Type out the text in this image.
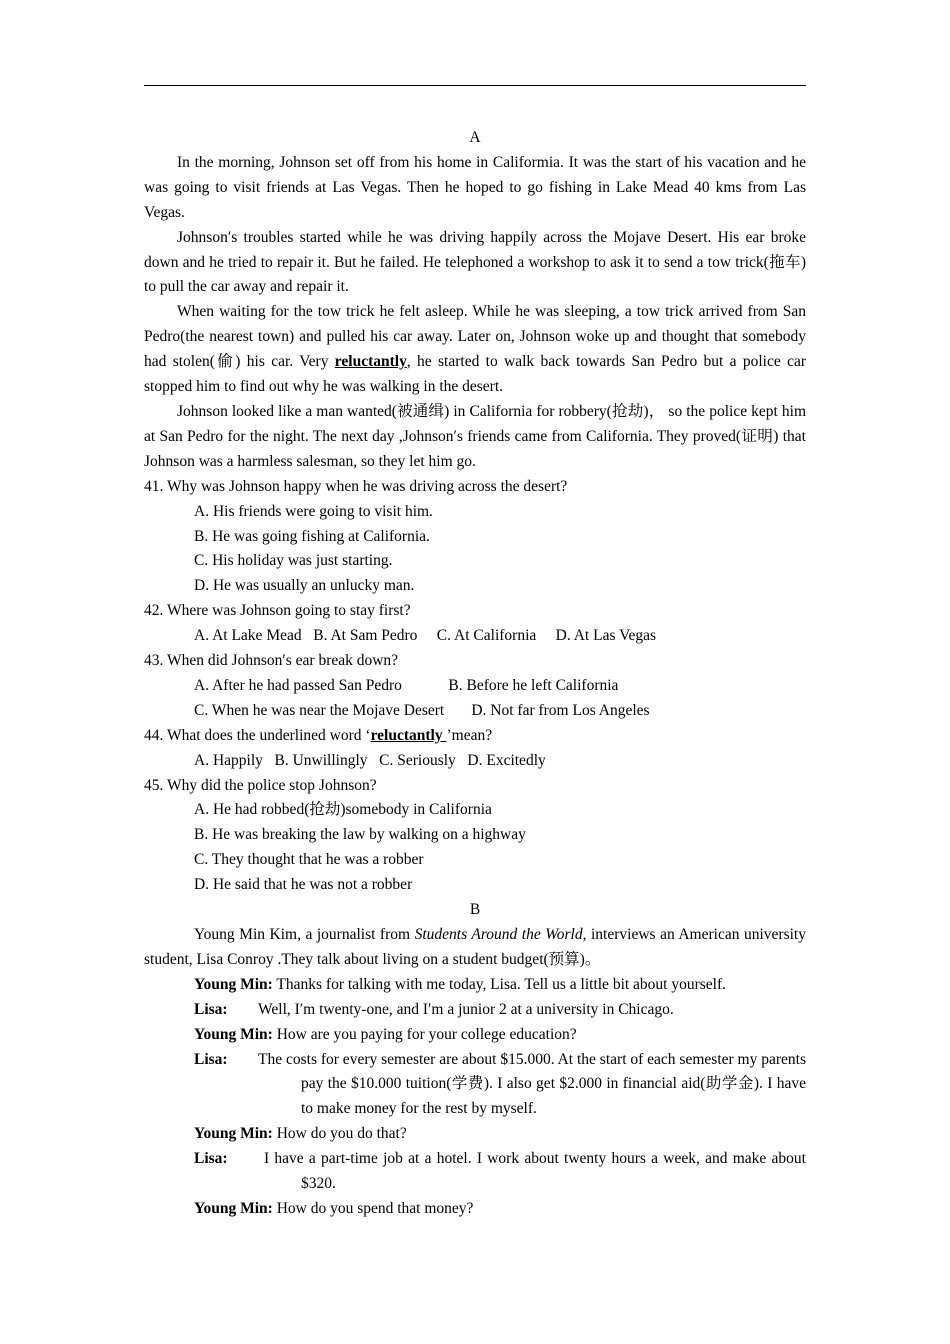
A

In the morning, Johnson set off from his home in Califormia. It was the start of his vacation and he was going to visit friends at Las Vegas. Then he hoped to go fishing in Lake Mead 40 kms from Las Vegas.

Johnson′s troubles started while he was driving happily across the Mojave Desert. His ear broke down and he tried to repair it. But he failed. He telephoned a workshop to ask it to send a tow trick(拖车) to pull the car away and repair it.

When waiting for the tow trick he felt asleep. While he was sleeping, a tow trick arrived from San Pedro(the nearest town) and pulled his car away. Later on, Johnson woke up and thought that somebody had stolen(偷) his car. Very reluctantly, he started to walk back towards San Pedro but a police car stopped him to find out why he was walking in the desert.

Johnson looked like a man wanted(被通缉) in California for robbery(抢劫)， so the police kept him at San Pedro for the night. The next day ,Johnson′s friends came from California. They proved(证明) that Johnson was a harmless salesman, so they let him go.

41. Why was Johnson happy when he was driving across the desert?

A. His friends were going to visit him.

B. He was going fishing at California.

C. His holiday was just starting.

D. He was usually an unlucky man.

42. Where was Johnson going to stay first?

A. At Lake Mead   B. At Sam Pedro     C. At California     D. At Las Vegas

43. When did Johnson′s ear break down?

A. After he had passed San Pedro            B. Before he left California

C. When he was near the Mojave Desert       D. Not far from Los Angeles

44. What does the underlined word ‘reluctantly ’mean?

A. Happily   B. Unwillingly   C. Seriously   D. Excitedly

45. Why did the police stop Johnson?

A. He had robbed(抢劫)somebody in California

B. He was breaking the law by walking on a highway

C. They thought that he was a robber

D. He said that he was not a robber

B

Young Min Kim, a journalist from Students Around the World, interviews an American university student, Lisa Conroy .They talk about living on a student budget(预算)。

Young Min: Thanks for talking with me today, Lisa. Tell us a little bit about yourself.

Lisa: Well, I′m twenty-one, and I′m a junior 2 at a university in Chicago.

Young Min: How are you paying for your college education?

Lisa: The costs for every semester are about $15.000. At the start of each semester my parents pay the $10.000 tuition(学费). I also get $2.000 in financial aid(助学金). I have to make money for the rest by myself.

Young Min: How do you do that?

Lisa: I have a part-time job at a hotel. I work about twenty hours a week, and make about $320.

Young Min: How do you spend that money?
